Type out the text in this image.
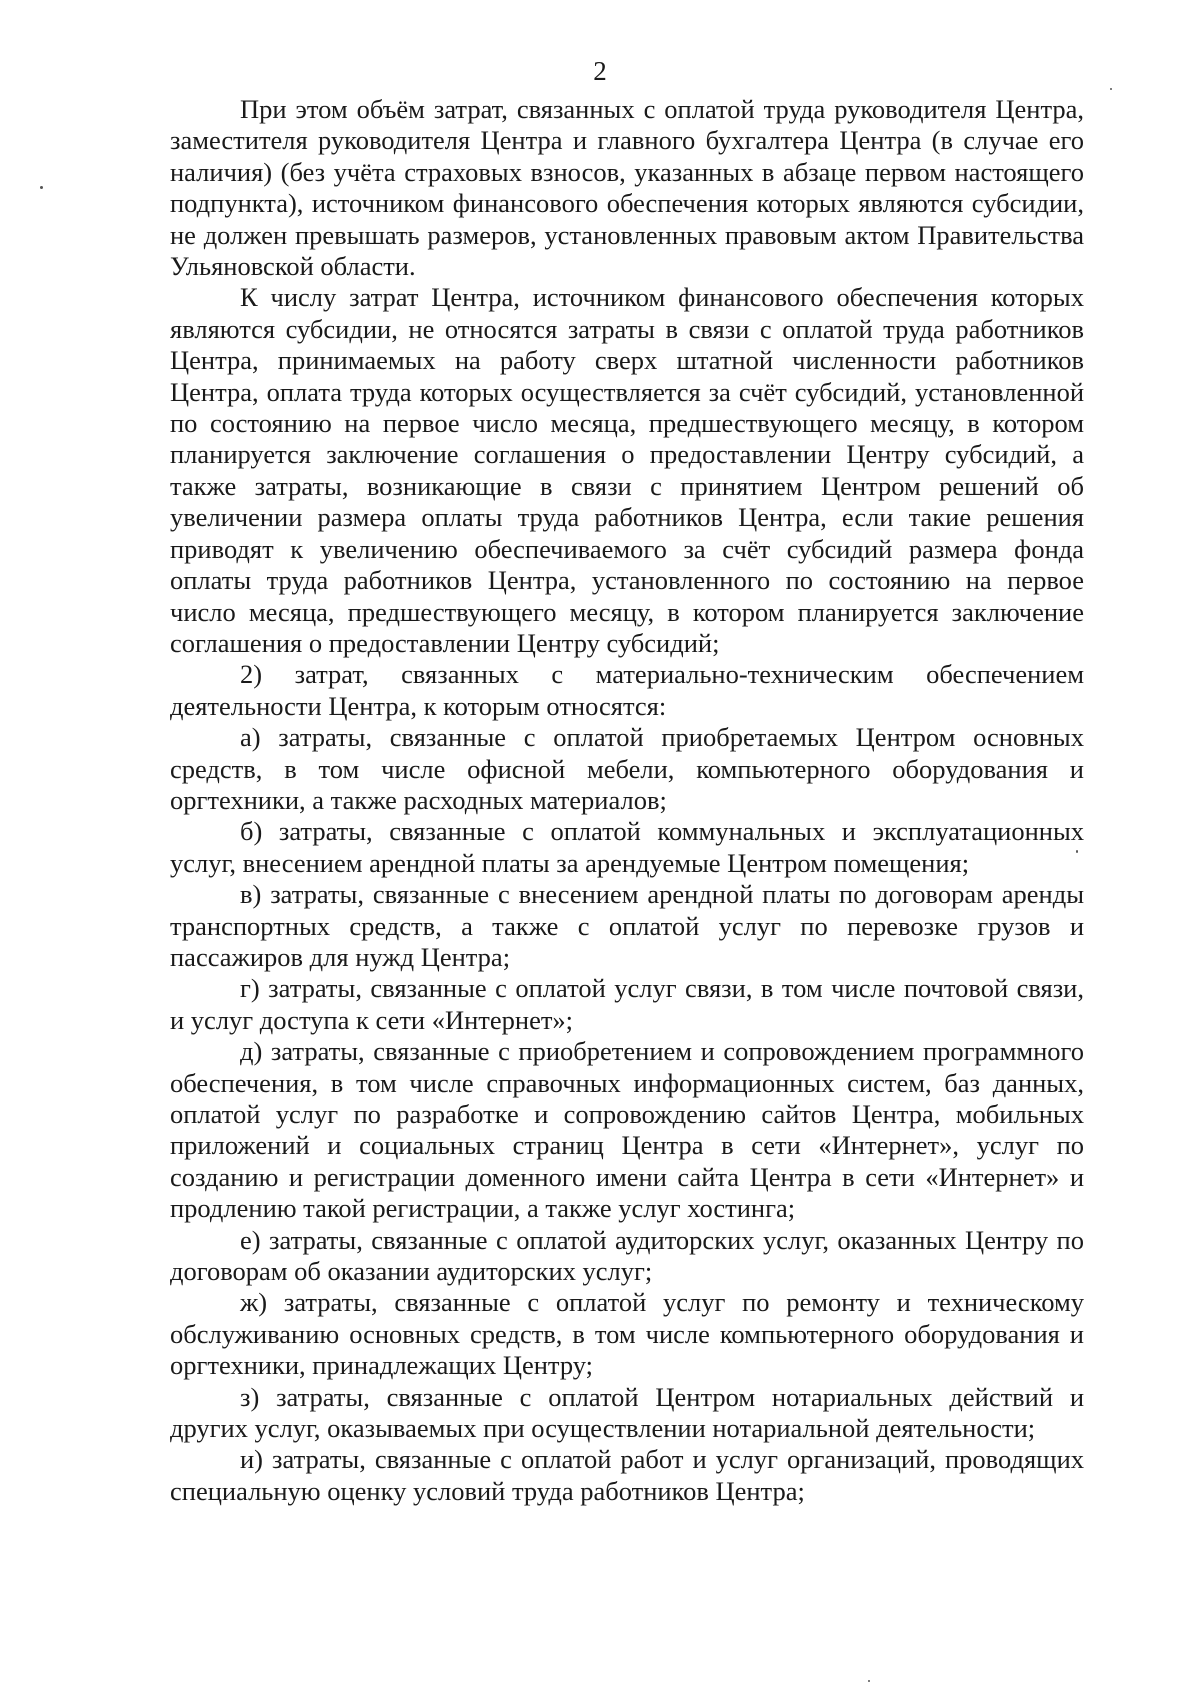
2

При этом объём затрат, связанных с оплатой труда руководителя Центра, заместителя руководителя Центра и главного бухгалтера Центра (в случае его наличия) (без учёта страховых взносов, указанных в абзаце первом настоящего подпункта), источником финансового обеспечения которых являются субсидии, не должен превышать размеров, установленных правовым актом Правительства Ульяновской области.

К числу затрат Центра, источником финансового обеспечения которых являются субсидии, не относятся затраты в связи с оплатой труда работников Центра, принимаемых на работу сверх штатной численности работников Центра, оплата труда которых осуществляется за счёт субсидий, установленной по состоянию на первое число месяца, предшествующего месяцу, в котором планируется заключение соглашения о предоставлении Центру субсидий, а также затраты, возникающие в связи с принятием Центром решений об увеличении размера оплаты труда работников Центра, если такие решения приводят к увеличению обеспечиваемого за счёт субсидий размера фонда оплаты труда работников Центра, установленного по состоянию на первое число месяца, предшествующего месяцу, в котором планируется заключение соглашения о предоставлении Центру субсидий;

2) затрат, связанных с материально-техническим обеспечением деятельности Центра, к которым относятся:

а) затраты, связанные с оплатой приобретаемых Центром основных средств, в том числе офисной мебели, компьютерного оборудования и оргтехники, а также расходных материалов;

б) затраты, связанные с оплатой коммунальных и эксплуатационных услуг, внесением арендной платы за арендуемые Центром помещения;

в) затраты, связанные с внесением арендной платы по договорам аренды транспортных средств, а также с оплатой услуг по перевозке грузов и пассажиров для нужд Центра;

г) затраты, связанные с оплатой услуг связи, в том числе почтовой связи, и услуг доступа к сети «Интернет»;

д) затраты, связанные с приобретением и сопровождением программного обеспечения, в том числе справочных информационных систем, баз данных, оплатой услуг по разработке и сопровождению сайтов Центра, мобильных приложений и социальных страниц Центра в сети «Интернет», услуг по созданию и регистрации доменного имени сайта Центра в сети «Интернет» и продлению такой регистрации, а также услуг хостинга;

е) затраты, связанные с оплатой аудиторских услуг, оказанных Центру по договорам об оказании аудиторских услуг;

ж) затраты, связанные с оплатой услуг по ремонту и техническому обслуживанию основных средств, в том числе компьютерного оборудования и оргтехники, принадлежащих Центру;

з) затраты, связанные с оплатой Центром нотариальных действий и других услуг, оказываемых при осуществлении нотариальной деятельности;

и) затраты, связанные с оплатой работ и услуг организаций, проводящих специальную оценку условий труда работников Центра;
